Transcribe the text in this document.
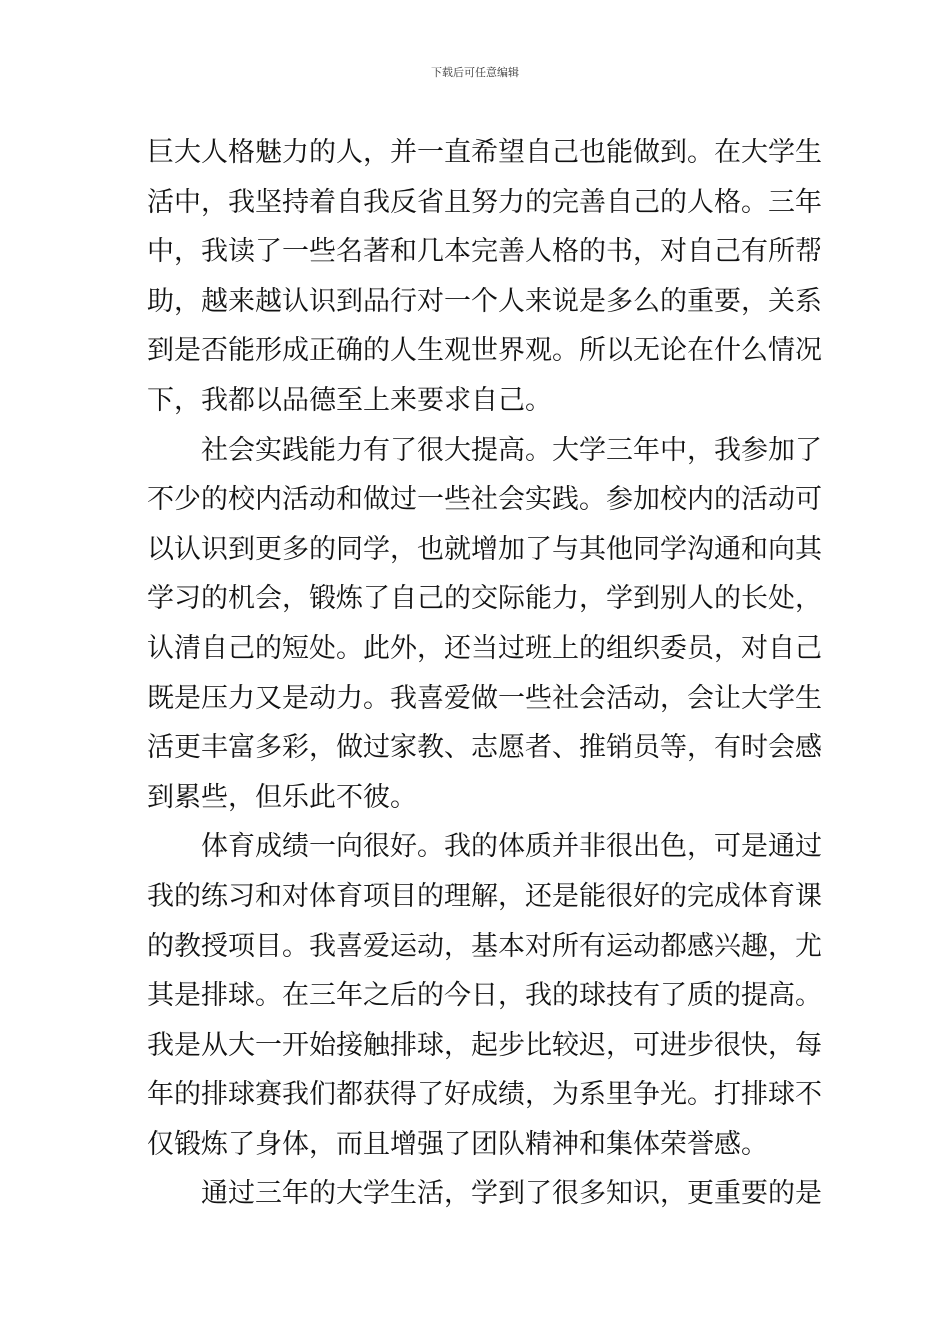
下载后可任意编辑
巨大人格魅力的人，并一直希望自己也能做到。在大学生
活中，我坚持着自我反省且努力的完善自己的人格。三年
中，我读了一些名著和几本完善人格的书，对自己有所帮
助，越来越认识到品行对一个人来说是多么的重要，关系
到是否能形成正确的人生观世界观。所以无论在什么情况
下，我都以品德至上来要求自己。
社会实践能力有了很大提高。大学三年中，我参加了
不少的校内活动和做过一些社会实践。参加校内的活动可
以认识到更多的同学，也就增加了与其他同学沟通和向其
学习的机会，锻炼了自己的交际能力，学到别人的长处，
认清自己的短处。此外，还当过班上的组织委员，对自己
既是压力又是动力。我喜爱做一些社会活动，会让大学生
活更丰富多彩，做过家教、志愿者、推销员等，有时会感
到累些，但乐此不彼。
体育成绩一向很好。我的体质并非很出色，可是通过
我的练习和对体育项目的理解，还是能很好的完成体育课
的教授项目。我喜爱运动，基本对所有运动都感兴趣，尤
其是排球。在三年之后的今日，我的球技有了质的提高。
我是从大一开始接触排球，起步比较迟，可进步很快，每
年的排球赛我们都获得了好成绩，为系里争光。打排球不
仅锻炼了身体，而且增强了团队精神和集体荣誉感。
通过三年的大学生活，学到了很多知识，更重要的是
